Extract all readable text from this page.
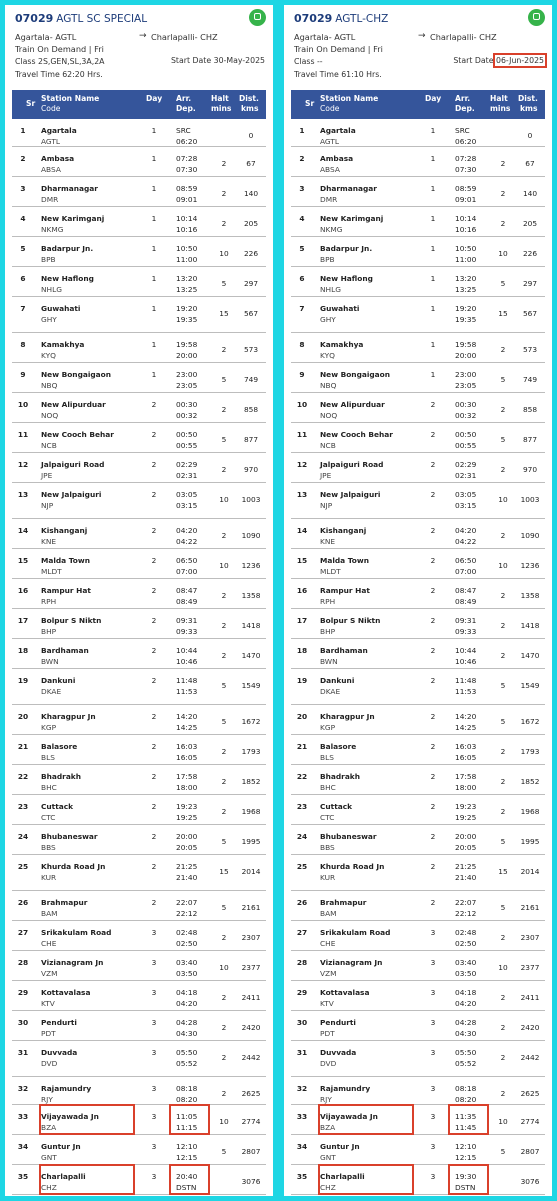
07029 AGTL SC SPECIAL
Agartala- AGTL	→ Charlapalli- CHZ
Train On Demand | Fri
Class 2S,GEN,SL,3A,2A	Start Date 30-May-2025
Travel Time 62:20 Hrs.
Sr
Station Name
Code
Day Arr.
Dep.
Halt
mins
Dist.
kms
1	Agartala
AGTL
1	SRC
06:20
0
2	Ambasa
ABSA
1	07:28
07:30
2	67
3	Dharmanagar
DMR
1	08:59
09:01
2	140
4	New Karimganj
NKMG
1	10:14
10:16
2	205
5	Badarpur Jn.
BPB
1	10:50
11:00
10	226
6	New Haflong
NHLG
1	13:20
13:25
5	297
7	Guwahati
GHY
1	19:20
19:35
15	567
8	Kamakhya
KYQ
1	19:58
20:00
2	573
9	New Bongaigaon
NBQ
1	23:00
23:05
5	749
10	New Alipurduar
NOQ
2	00:30
00:32
2	858
11	New Cooch Behar
NCB
2	00:50
00:55
5	877
12	Jalpaiguri Road
JPE
2	02:29
02:31
2	970
13	New Jalpaiguri
NJP
2	03:05
03:15
10	1003
14	Kishanganj
KNE
2	04:20
04:22
2	1090
15	Malda Town
MLDT
2	06:50
07:00
10	1236
16	Rampur Hat
RPH
2	08:47
08:49
2	1358
17	Bolpur S Niktn
BHP
2	09:31
09:33
2	1418
18	Bardhaman
BWN
2	10:44
10:46
2	1470
19	Dankuni
DKAE
2	11:48
11:53
5	1549
20	Kharagpur Jn
KGP
2	14:20
14:25
5	1672
21	Balasore
BLS
2	16:03
16:05
2	1793
22	Bhadrakh
BHC
2	17:58
18:00
2	1852
23	Cuttack
CTC
2	19:23
19:25
2	1968
24	Bhubaneswar
BBS
2	20:00
20:05
5	1995
25	Khurda Road Jn
KUR
2	21:25
21:40
15	2014
26	Brahmapur
BAM
2	22:07
22:12
5	2161
27	Srikakulam Road
CHE
3	02:48
02:50
2	2307
28	Vizianagram Jn
VZM
3	03:40
03:50
10	2377
29	Kottavalasa
KTV
3	04:18
04:20
2	2411
30	Pendurti
PDT
3	04:28
04:30
2	2420
31	Duvvada
DVD
3	05:50
05:52
2	2442
32	Rajamundry
RJY
3	08:18
08:20
2	2625
33	Vijayawada Jn
BZA
3	11:05
11:15
10	2774
34	Guntur Jn
GNT
3	12:10
12:15
5	2807
35	Charlapalli
CHZ
3	20:40
DSTN
3076
07029 AGTL-CHZ
Agartala- AGTL	→ Charlapalli- CHZ
Train On Demand | Fri
Class --	Start Date 06-Jun-2025
Travel Time 61:10 Hrs.
Sr
Station Name
Code
Day Arr.
Dep.
Halt
mins
Dist.
kms
1	Agartala
AGTL
1	SRC
06:20
0
2	Ambasa
ABSA
1	07:28
07:30
2	67
3	Dharmanagar
DMR
1	08:59
09:01
2	140
4	New Karimganj
NKMG
1	10:14
10:16
2	205
5	Badarpur Jn.
BPB
1	10:50
11:00
10	226
6	New Haflong
NHLG
1	13:20
13:25
5	297
7	Guwahati
GHY
1	19:20
19:35
15	567
8	Kamakhya
KYQ
1	19:58
20:00
2	573
9	New Bongaigaon
NBQ
1	23:00
23:05
5	749
10	New Alipurduar
NOQ
2	00:30
00:32
2	858
11	New Cooch Behar
NCB
2	00:50
00:55
5	877
12	Jalpaiguri Road
JPE
2	02:29
02:31
2	970
13	New Jalpaiguri
NJP
2	03:05
03:15
10	1003
14	Kishanganj
KNE
2	04:20
04:22
2	1090
15	Malda Town
MLDT
2	06:50
07:00
10	1236
16	Rampur Hat
RPH
2	08:47
08:49
2	1358
17	Bolpur S Niktn
BHP
2	09:31
09:33
2	1418
18	Bardhaman
BWN
2	10:44
10:46
2	1470
19	Dankuni
DKAE
2	11:48
11:53
5	1549
20	Kharagpur Jn
KGP
2	14:20
14:25
5	1672
21	Balasore
BLS
2	16:03
16:05
2	1793
22	Bhadrakh
BHC
2	17:58
18:00
2	1852
23	Cuttack
CTC
2	19:23
19:25
2	1968
24	Bhubaneswar
BBS
2	20:00
20:05
5	1995
25	Khurda Road Jn
KUR
2	21:25
21:40
15	2014
26	Brahmapur
BAM
2	22:07
22:12
5	2161
27	Srikakulam Road
CHE
3	02:48
02:50
2	2307
28	Vizianagram Jn
VZM
3	03:40
03:50
10	2377
29	Kottavalasa
KTV
3	04:18
04:20
2	2411
30	Pendurti
PDT
3	04:28
04:30
2	2420
31	Duvvada
DVD
3	05:50
05:52
2	2442
32	Rajamundry
RJY
3	08:18
08:20
2	2625
33	Vijayawada Jn
BZA
3	11:35
11:45
10	2774
34	Guntur Jn
GNT
3	12:10
12:15
5	2807
35	Charlapalli
CHZ
3	19:30
DSTN
3076
